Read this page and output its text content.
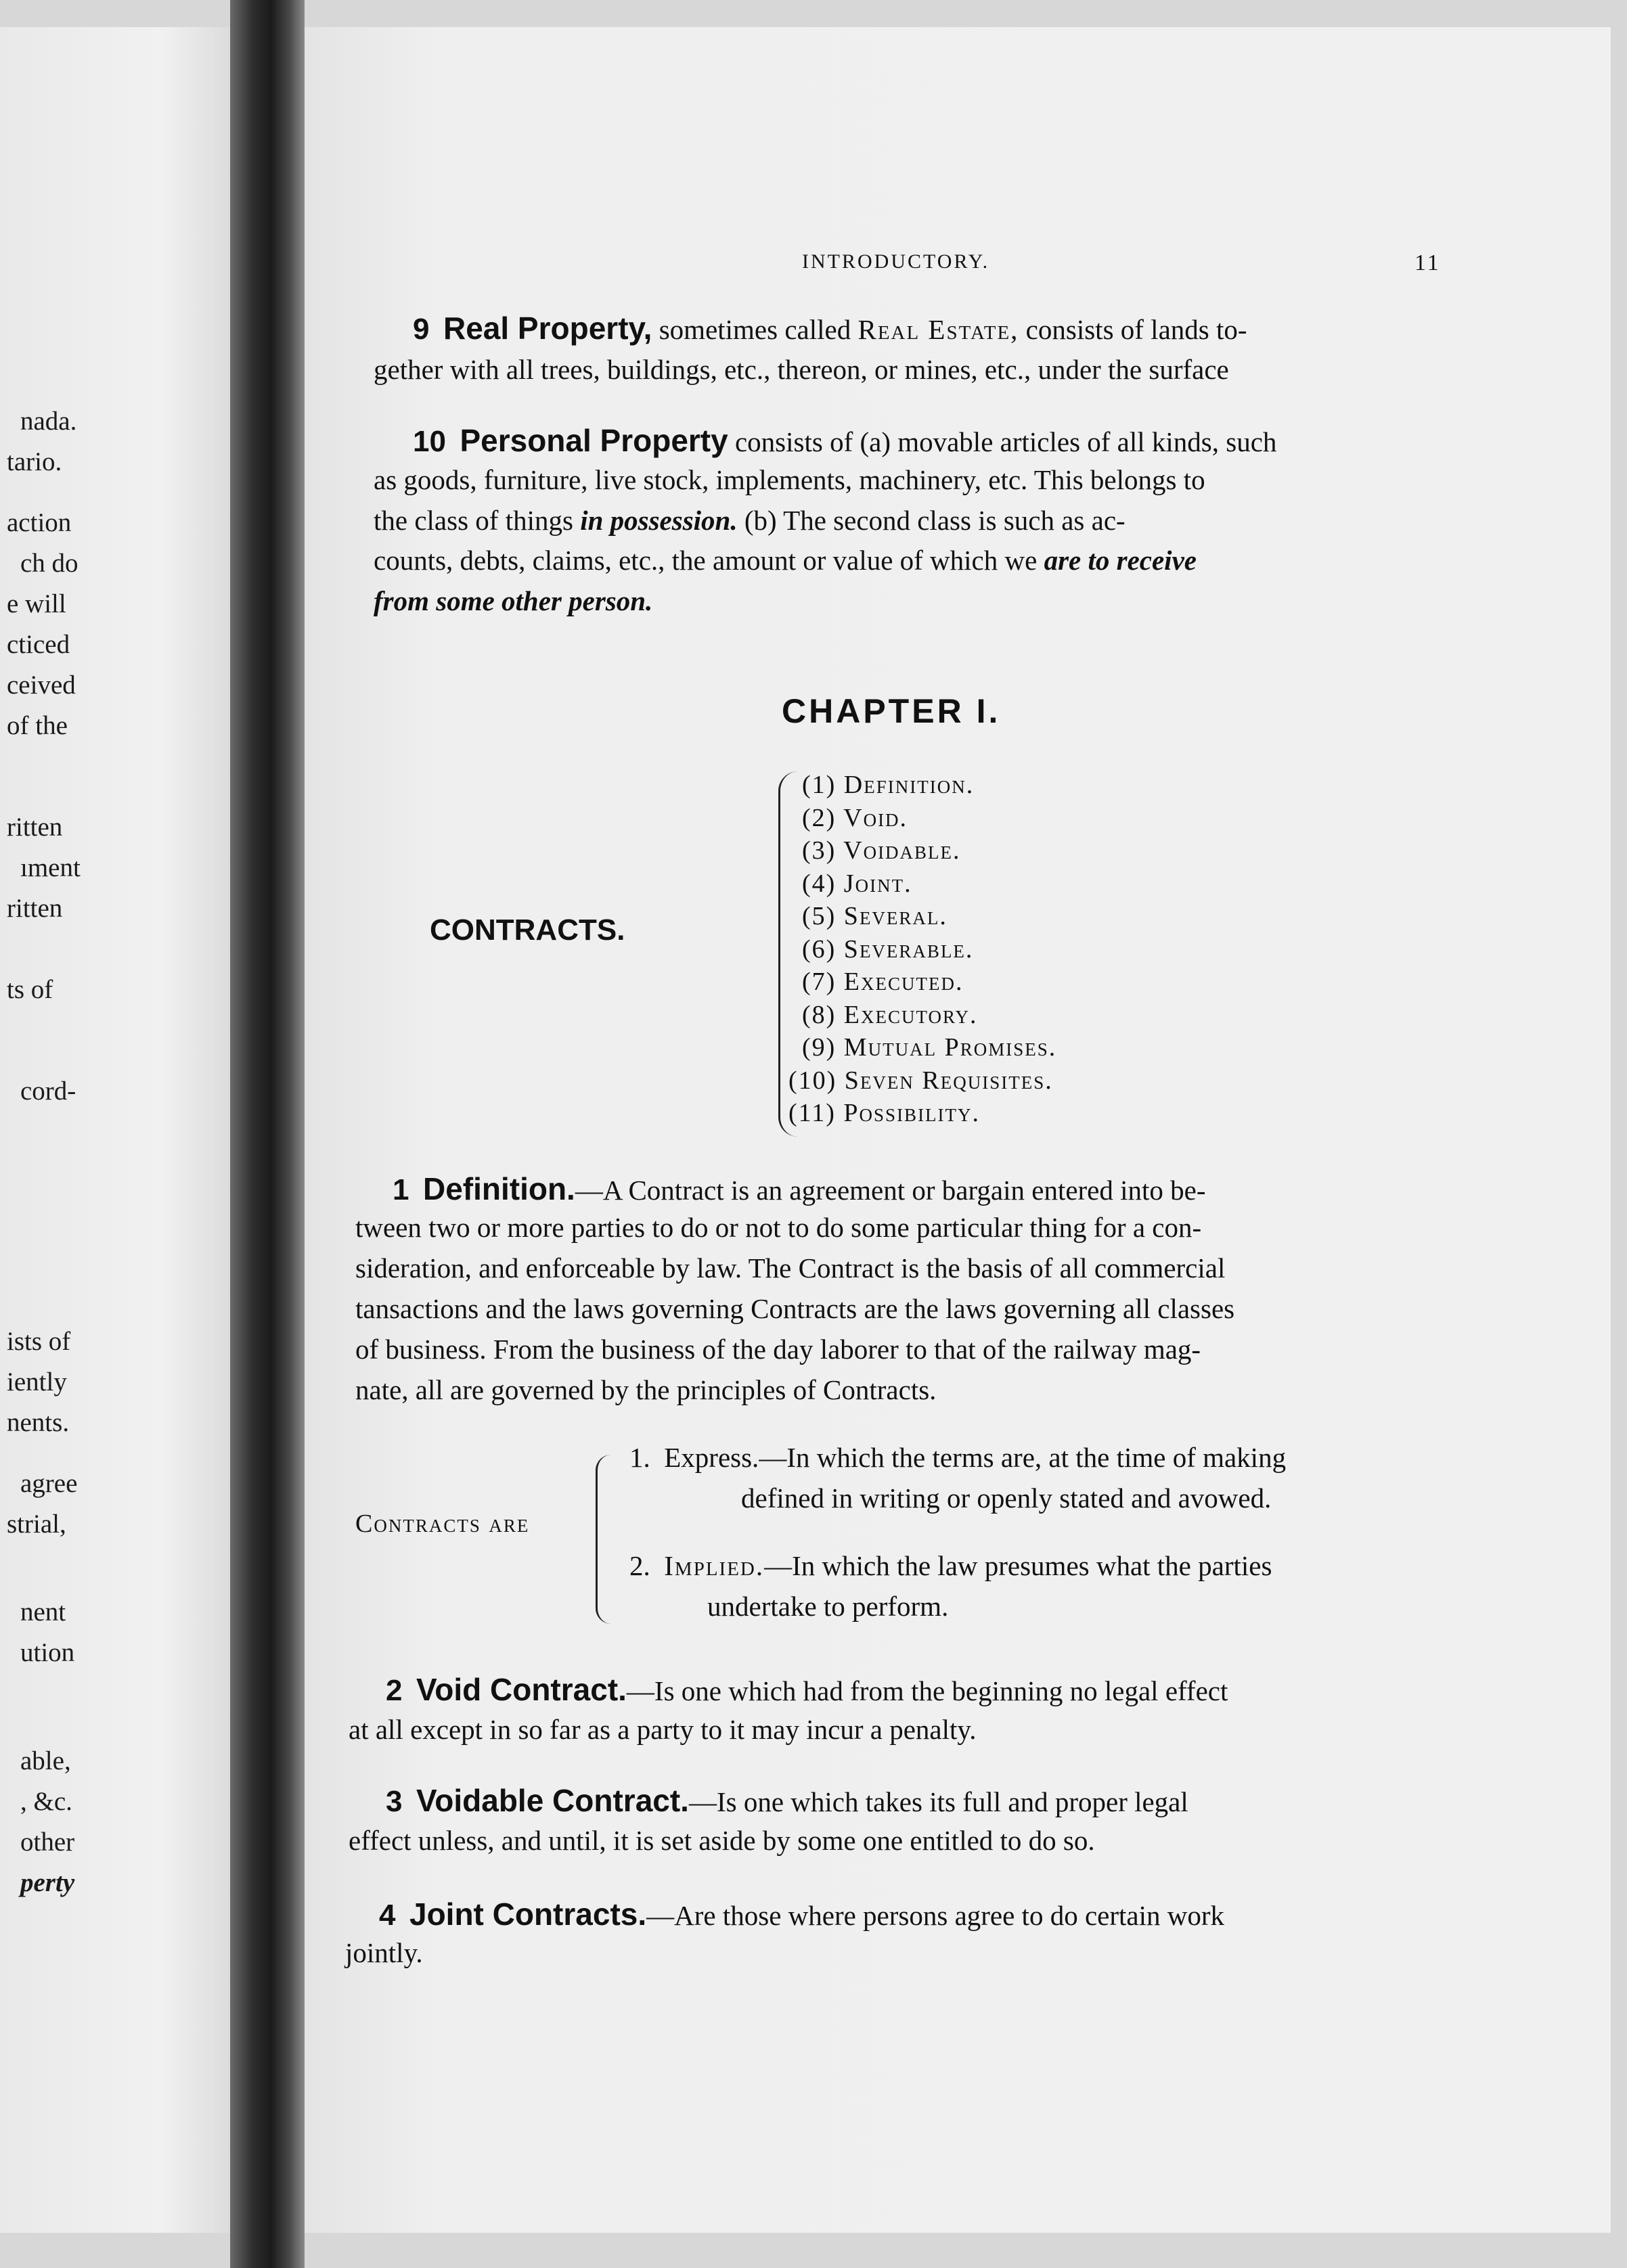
nada.
tario.
action
ch do
e will
cticed
ceived
of the
ritten
ıment
ritten
ts of
cord-
ists of
iently
nents.
agree
strial,
nent
ution
able,
, &c.
other
perty
INTRODUCTORY.	11
9 Real Property, sometimes called Real Estate, consists of lands to-
gether with all trees, buildings, etc., thereon, or mines, etc., under the surface
10 Personal Property consists of (a) movable articles of all kinds, such
as goods, furniture, live stock, implements, machinery, etc. This belongs to
the class of things in possession. (b) The second class is such as ac-
counts, debts, claims, etc., the amount or value of which we are to receive
from some other person.
CHAPTER I.
CONTRACTS.
(1) Definition.
(2) Void.
(3) Voidable.
(4) Joint.
(5) Several.
(6) Severable.
(7) Executed.
(8) Executory.
(9) Mutual Promises.
(10) Seven Requisites.
(11) Possibility.
1 Definition.—A Contract is an agreement or bargain entered into be-
tween two or more parties to do or not to do some particular thing for a con-
sideration, and enforceable by law. The Contract is the basis of all commercial
tansactions and the laws governing Contracts are the laws governing all classes
of business. From the business of the day laborer to that of the railway mag-
nate, all are governed by the principles of Contracts.
Contracts are
1. Express.—In which the terms are, at the time of making
defined in writing or openly stated and avowed.
2. Implied.—In which the law presumes what the parties
undertake to perform.
2 Void Contract.—Is one which had from the beginning no legal effect
at all except in so far as a party to it may incur a penalty.
3 Voidable Contract.—Is one which takes its full and proper legal
effect unless, and until, it is set aside by some one entitled to do so.
4 Joint Contracts.—Are those where persons agree to do certain work
jointly.
